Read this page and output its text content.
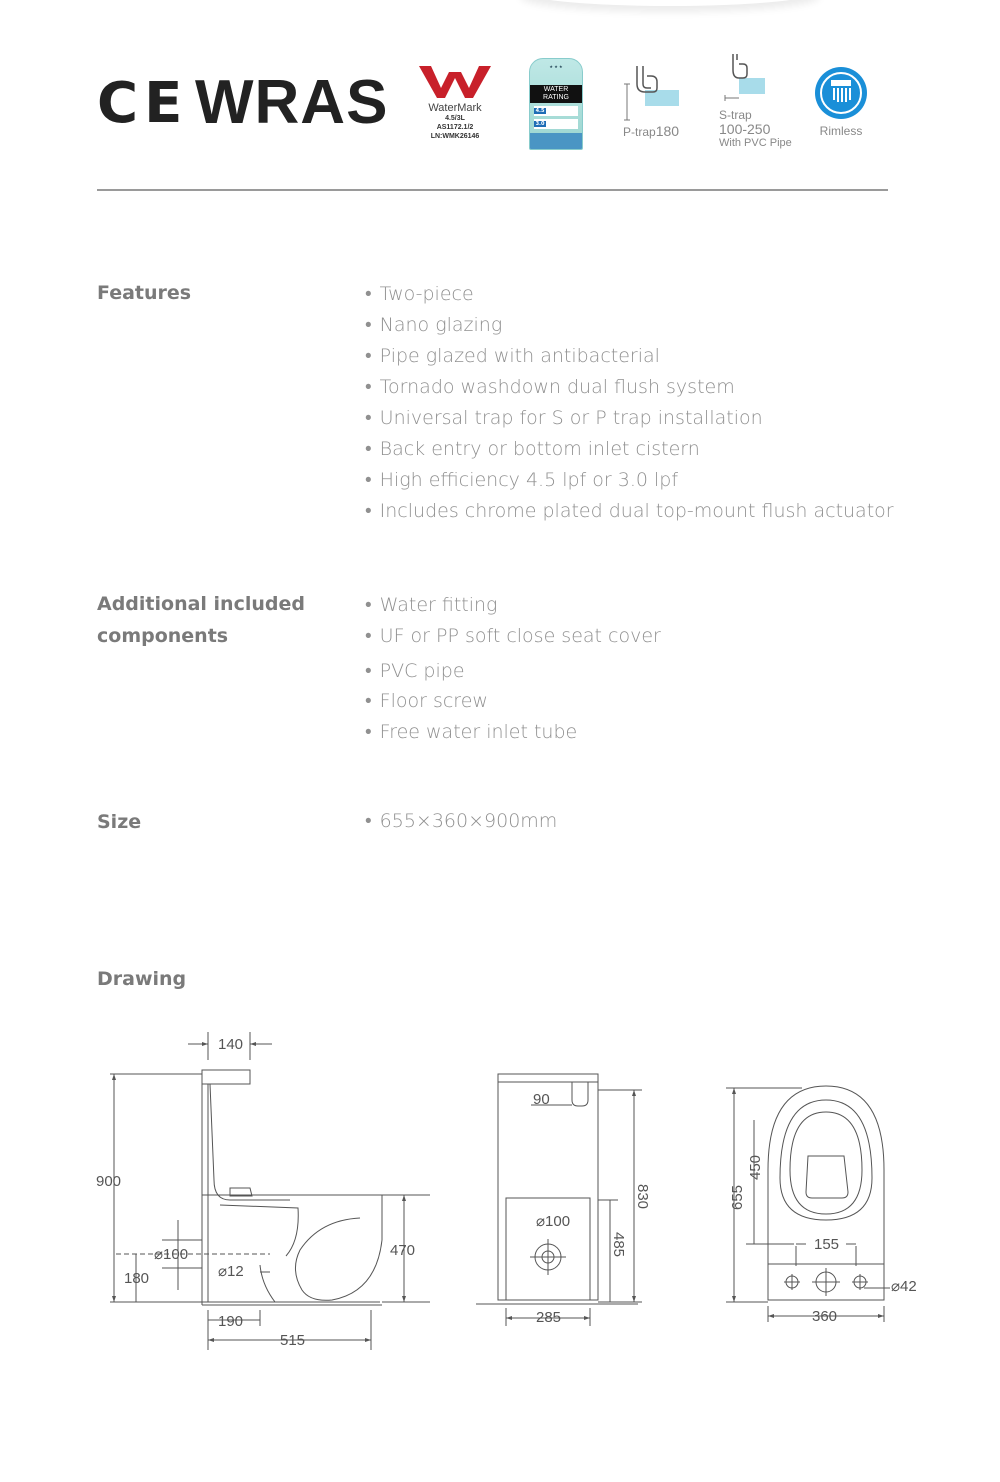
CE WRAS	WaterMark
4.5/3L
AS1172.1/2
LN:WMK26146
★ ★ ★
WATER RATING
4.5
3.0
P-trap180
S-trap
100-250
With PVC Pipe
Rimless
Features	• Two-piece
• Nano glazing
• Pipe glazed with antibacterial
• Tornado washdown dual flush system
• Universal trap for S or P trap installation
• Back entry or bottom inlet cistern
• High efficiency 4.5 lpf or 3.0 lpf
• Includes chrome plated dual top-mount flush actuator
Additional included
components
• Water fitting
• UF or PP soft close seat cover
• PVC pipe
• Floor screw
• Free water inlet tube
Size	• 655×360×900mm
Drawing
140
900
⌀100
180	⌀12
470
190
515
90
830
⌀100
485
285
655
450
155
⌀42
360
